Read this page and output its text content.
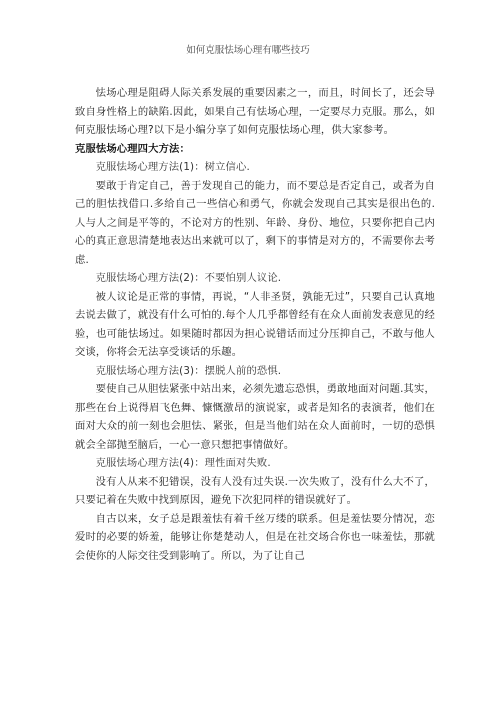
如何克服怯场心理有哪些技巧

怯场心理是阻碍人际关系发展的重要因素之一，而且，时间长了，还会导致自身性格上的缺陷.因此，如果自己有怯场心理，一定要尽力克服。那么，如何克服怯场心理?以下是小编分享了如何克服怯场心理，供大家参考。

克服怯场心理四大方法：

克服怯场心理方法(1)：树立信心.

要敢于肯定自己，善于发现自己的能力，而不要总是否定自己，或者为自己的胆怯找借口.多给自己一些信心和勇气，你就会发现自己其实是很出色的.人与人之间是平等的，不论对方的性别、年龄、身份、地位，只要你把自己内心的真正意思清楚地表达出来就可以了，剩下的事情是对方的，不需要你去考虑.

克服怯场心理方法(2)：不要怕别人议论.

被人议论是正常的事情，再说，“人非圣贤，孰能无过”，只要自己认真地去说去做了，就没有什么可怕的.每个人几乎都曾经有在众人面前发表意见的经验，也可能怯场过。如果随时都因为担心说错话而过分压抑自己，不敢与他人交谈，你将会无法享受谈话的乐趣。

克服怯场心理方法(3)：摆脱人前的恐惧.

要使自己从胆怯紧张中站出来，必须先遗忘恐惧，勇敢地面对问题.其实，那些在台上说得眉飞色舞、慷慨激昂的演说家，或者是知名的表演者，他们在面对大众的前一刻也会胆怯、紧张，但是当他们站在众人面前时，一切的恐惧就会全部抛至脑后，一心一意只想把事情做好。

克服怯场心理方法(4)：理性面对失败.

没有人从来不犯错误，没有人没有过失误.一次失败了，没有什么大不了，只要记着在失败中找到原因，避免下次犯同样的错误就好了。

自古以来，女子总是跟羞怯有着千丝万缕的联系。但是羞怯要分情况，恋爱时的必要的娇羞，能够让你楚楚动人，但是在社交场合你也一味羞怯，那就会使你的人际交往受到影响了。所以，为了让自己
